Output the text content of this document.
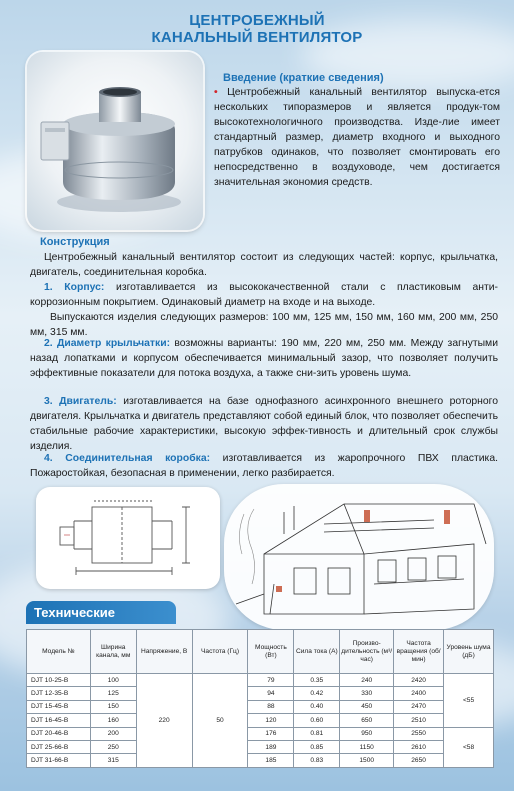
ЦЕНТРОБЕЖНЫЙ
КАНАЛЬНЫЙ ВЕНТИЛЯТОР
Введение (краткие сведения)
• Центробежный канальный вентилятор выпуска-ется нескольких типоразмеров и является продук-том высокотехнологичного производства. Изде-лие имеет стандартный размер, диаметр входного и выходного патрубков одинаков, что позволяет смонтировать его непосредственно в воздуховоде, чем достигается значительная экономия средств.
Конструкция
Центробежный канальный вентилятор состоит из следующих частей: корпус, крыльчатка, двигатель, соединительная коробка.
1. Корпус: изготавливается из высококачественной стали с пластиковым анти-коррозионным покрытием. Одинаковый диаметр на входе и на выходе.
Выпускаются изделия следующих размеров: 100 мм, 125 мм, 150 мм, 160 мм, 200 мм, 250 мм, 315 мм.
2. Диаметр крыльчатки: возможны варианты: 190 мм, 220 мм, 250 мм. Между загнутыми назад лопатками и корпусом обеспечивается минимальный зазор, что позволяет получить эффективные показатели для потока воздуха, а также сни-зить уровень шума.
3. Двигатель: изготавливается на базе однофазного асинхронного внешнего роторного двигателя. Крыльчатка и двигатель представляют собой единый блок, что позволяет обеспечить стабильные рабочие характеристики, высокую эффек-тивность и длительный срок службы изделия.
4. Соединительная коробка: изготавливается из жаропрочного ПВХ пластика. Пожаростойкая, безопасная в применении, легко разбирается.
Технические
Модель №	Ширина канала, мм	Напряжение, В	Частота (Гц)	Мощность (Вт)	Сила тока (А)	Произво-дительность (м³/час)	Частота вращения (об/мин)	Уровень шума (дБ)
DJT 10-25-B	100	220	50	79	0.35	240	2420	<55
DJT 12-35-B	125			94	0.42	330	2400	
DJT 15-45-B	150			88	0.40	450	2470	
DJT 16-45-B	160			120	0.60	650	2510	
DJT 20-46-B	200			176	0.81	950	2550	<58
DJT 25-66-B	250			189	0.85	1150	2610	
DJT 31-66-B	315			185	0.83	1500	2650	
